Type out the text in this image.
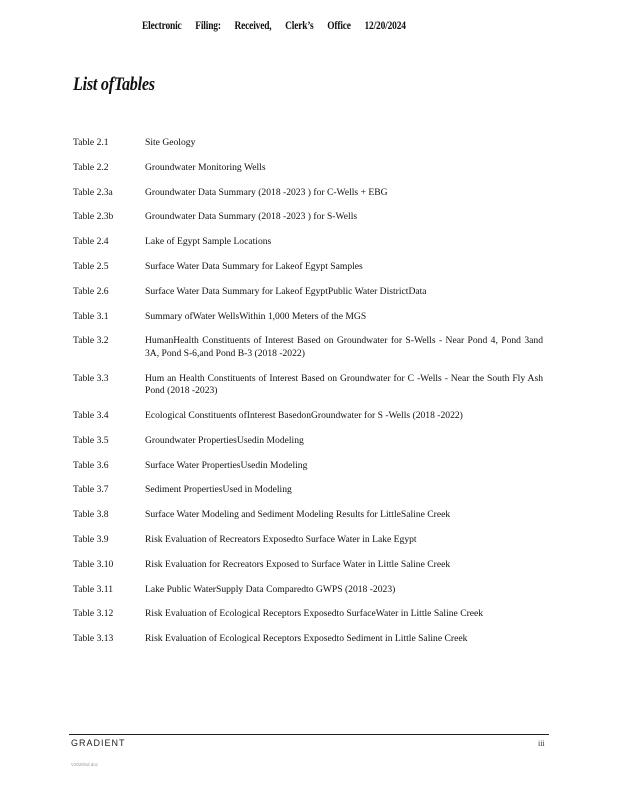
Electronic Filing: Received, Clerk’s Office 12/20/2024
List ofTables
Table 2.1	Site Geology
Table 2.2	Groundwater Monitoring Wells
Table 2.3a	Groundwater Data Summary (2018 -2023 ) for C-Wells + EBG
Table 2.3b	Groundwater Data Summary (2018 -2023 ) for S-Wells
Table 2.4	Lake of Egypt Sample Locations
Table 2.5	Surface Water Data Summary for Lakeof Egypt Samples
Table 2.6	Surface Water Data Summary for Lakeof EgyptPublic Water DistrictData
Table 3.1	Summary ofWater WellsWithin 1,000 Meters of the MGS
Table 3.2	HumanHealth Constituents of Interest Based on Groundwater for S-Wells - Near Pond 4, Pond 3and 3A, Pond S-6,and Pond B-3 (2018 -2022)
Table 3.3	Hum an Health Constituents of Interest Based on Groundwater for C -Wells - Near the South Fly Ash Pond (2018 -2023)
Table 3.4	Ecological Constituents ofInterest BasedonGroundwater for S -Wells (2018 -2022)
Table 3.5	Groundwater PropertiesUsedin Modeling
Table 3.6	Surface Water PropertiesUsedin Modeling
Table 3.7	Sediment PropertiesUsed in Modeling
Table 3.8	Surface Water Modeling and Sediment Modeling Results for LittleSaline Creek
Table 3.9	Risk Evaluation of Recreators Exposedto Surface Water in Lake Egypt
Table 3.10	Risk Evaluation for Recreators Exposed to Surface Water in Little Saline Creek
Table 3.11	Lake Public WaterSupply Data Comparedto GWPS (2018 -2023)
Table 3.12	Risk Evaluation of Ecological Receptors Exposedto SurfaceWater in Little Saline Creek
Table 3.13	Risk Evaluation of Ecological Receptors Exposedto Sediment in Little Saline Creek
GRADIENT	iii
V2020Sd.doc
